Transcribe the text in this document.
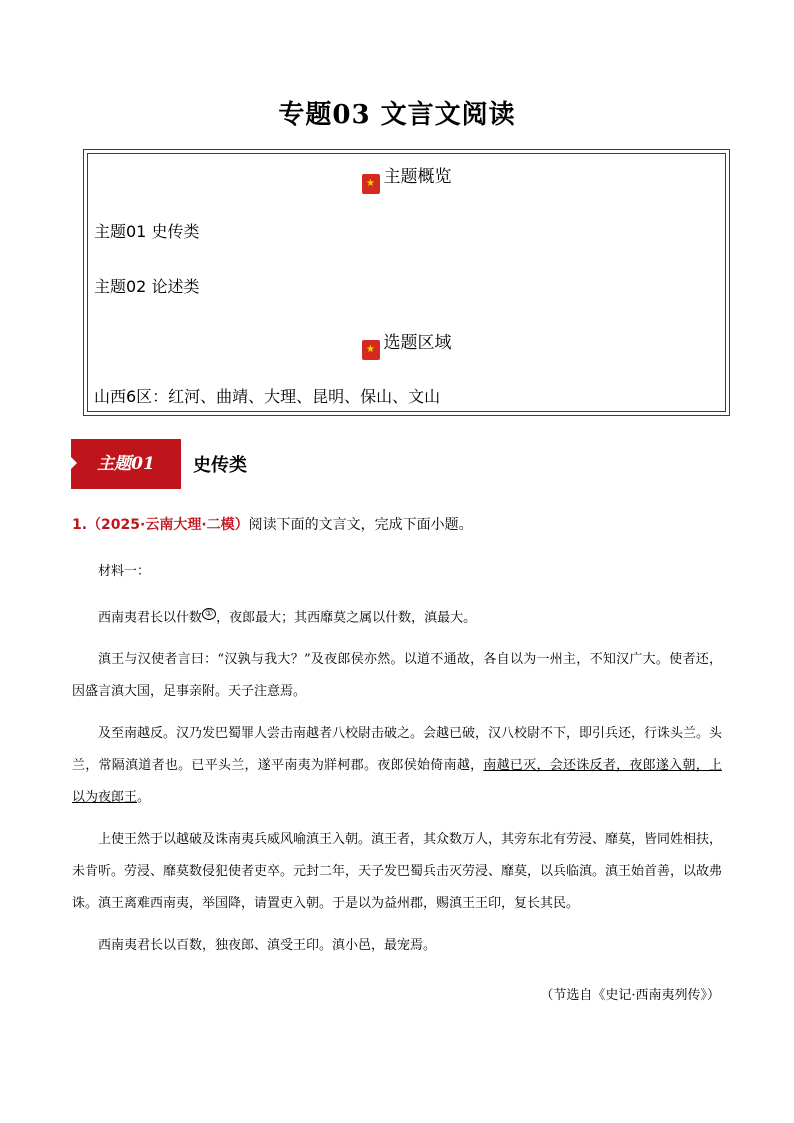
专题03 文言文阅读
★ 主题概览
主题01 史传类
主题02 论述类
★ 选题区域
山西6区：红河、曲靖、大理、昆明、保山、文山
主题01	史传类
1.（2025·云南大理·二模）阅读下面的文言文，完成下面小题。

材料一：

西南夷君长以什数 ① ，夜郎最大；其西靡莫之属以什数，滇最大。

滇王与汉使者言曰：“汉孰与我大？”及夜郎侯亦然。以道不通故，各自以为一州主，不知汉广大。使者还，因盛言滇大国，足事亲附。天子注意焉。

及至南越反。汉乃发巴蜀罪人尝击南越者八校尉击破之。会越已破，汉八校尉不下，即引兵还，行诛头兰。头兰，常隔滇道者也。已平头兰，遂平南夷为牂柯郡。夜郎侯始倚南越，南越已灭，会还诛反者，夜郎遂入朝，上以为夜郎王。

上使王然于以越破及诛南夷兵威风喻滇王入朝。滇王者，其众数万人，其旁东北有劳浸、靡莫，皆同姓相扶，未肯听。劳浸、靡莫数侵犯使者吏卒。元封二年，天子发巴蜀兵击灭劳浸、靡莫，以兵临滇。滇王始首善，以故弗诛。滇王离难西南夷，举国降，请置吏入朝。于是以为益州郡，赐滇王王印，复长其民。

西南夷君长以百数，独夜郎、滇受王印。滇小邑，最宠焉。

（节选自《史记·西南夷列传》）
